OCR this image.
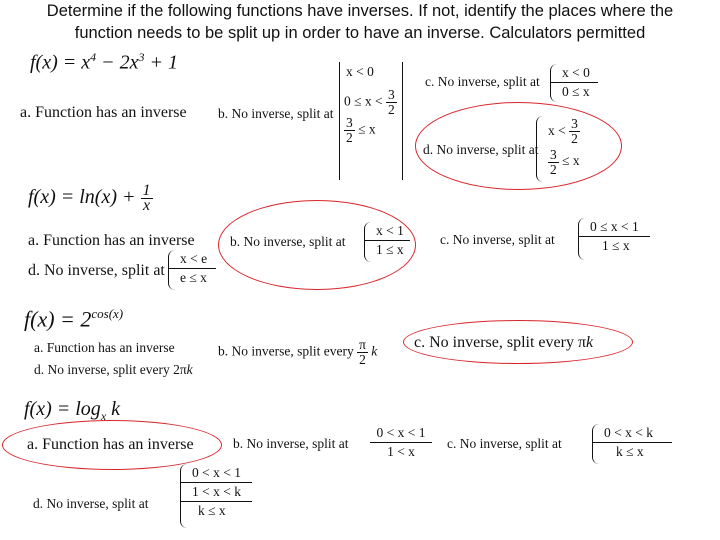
Determine if the following functions have inverses. If not, identify the places where the
function needs to be split up in order to have an inverse. Calculators permitted
$f(x) = x^4 - 2x^3 + 1$
a. Function has an inverse b. No inverse, split at
x < 0
$0 \le x < \frac{3}{2}$
$\frac{3}{2} \le x$
c. No inverse, split at
x < 0
0 ≤ x
d. No inverse, split at
$x < \frac{3}{2}$
$\frac{3}{2} \le x$
$f(x) = \ln(x) + \frac{1}{x}$
a. Function has an inverse	b. No inverse, split at
x < 1
1 ≤ x
c. No inverse, split at
0 ≤ x < 1
1 ≤ x
d. No inverse, split at
x < e
e ≤ x
$f(x) = 2^{cos(x)}$
a. Function has an inverse	b. No inverse, split every $\frac{\pi}{2}$ k
c. No inverse, split every πk
d. No inverse, split every 2πk
$f(x) = \log_x k$
a. Function has an inverse	b. No inverse, split at
0 < x < 1
1 < x
c. No inverse, split at
0 < x < k
k ≤ x
d. No inverse, split at
0 < x < 1
1 < x < k
k ≤ x
